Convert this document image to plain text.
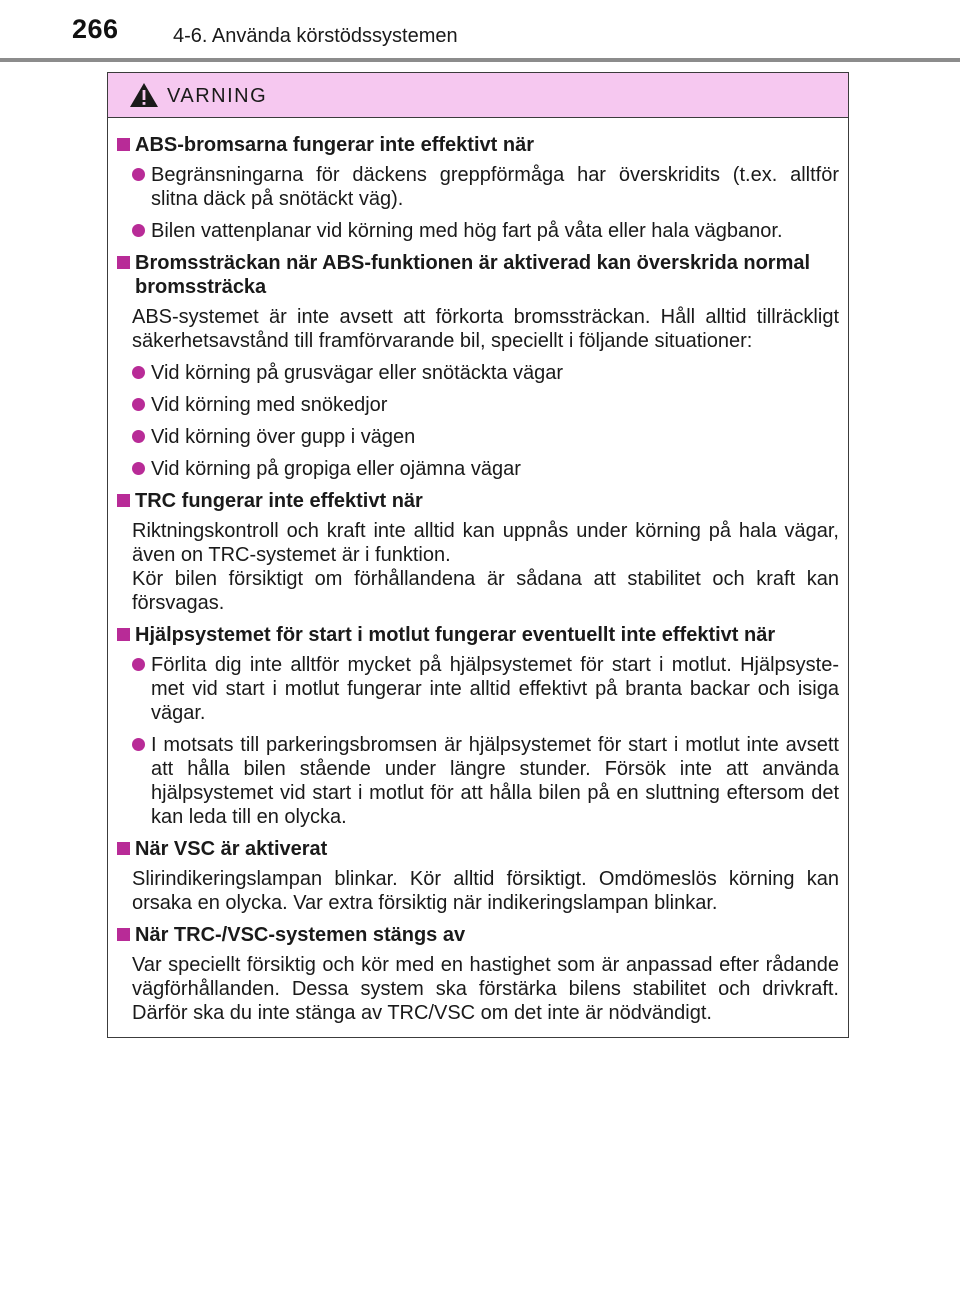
266	4-6. Använda körstödssystemen
VARNING
ABS-bromsarna fungerar inte effektivt när
Begränsningarna för däckens greppförmåga har överskridits (t.ex. alltför slitna däck på snötäckt väg).
Bilen vattenplanar vid körning med hög fart på våta eller hala vägbanor.
Bromssträckan när ABS-funktionen är aktiverad kan överskrida normal bromssträcka
ABS-systemet är inte avsett att förkorta bromssträckan. Håll alltid tillräckligt säkerhetsavstånd till framförvarande bil, speciellt i följande situationer:
Vid körning på grusvägar eller snötäckta vägar
Vid körning med snökedjor
Vid körning över gupp i vägen
Vid körning på gropiga eller ojämna vägar
TRC fungerar inte effektivt när
Riktningskontroll och kraft inte alltid kan uppnås under körning på hala vägar, även on TRC-systemet är i funktion.
Kör bilen försiktigt om förhållandena är sådana att stabilitet och kraft kan försvagas.
Hjälpsystemet för start i motlut fungerar eventuellt inte effektivt när
Förlita dig inte alltför mycket på hjälpsystemet för start i motlut. Hjälpsyste-met vid start i motlut fungerar inte alltid effektivt på branta backar och isiga vägar.
I motsats till parkeringsbromsen är hjälpsystemet för start i motlut inte avsett att hålla bilen stående under längre stunder. Försök inte att använda hjälpsystemet vid start i motlut för att hålla bilen på en sluttning eftersom det kan leda till en olycka.
När VSC är aktiverat
Slirindikeringslampan blinkar. Kör alltid försiktigt. Omdömeslös körning kan orsaka en olycka. Var extra försiktig när indikeringslampan blinkar.
När TRC-/VSC-systemen stängs av
Var speciellt försiktig och kör med en hastighet som är anpassad efter rådande vägförhållanden. Dessa system ska förstärka bilens stabilitet och drivkraft. Därför ska du inte stänga av TRC/VSC om det inte är nödvändigt.
